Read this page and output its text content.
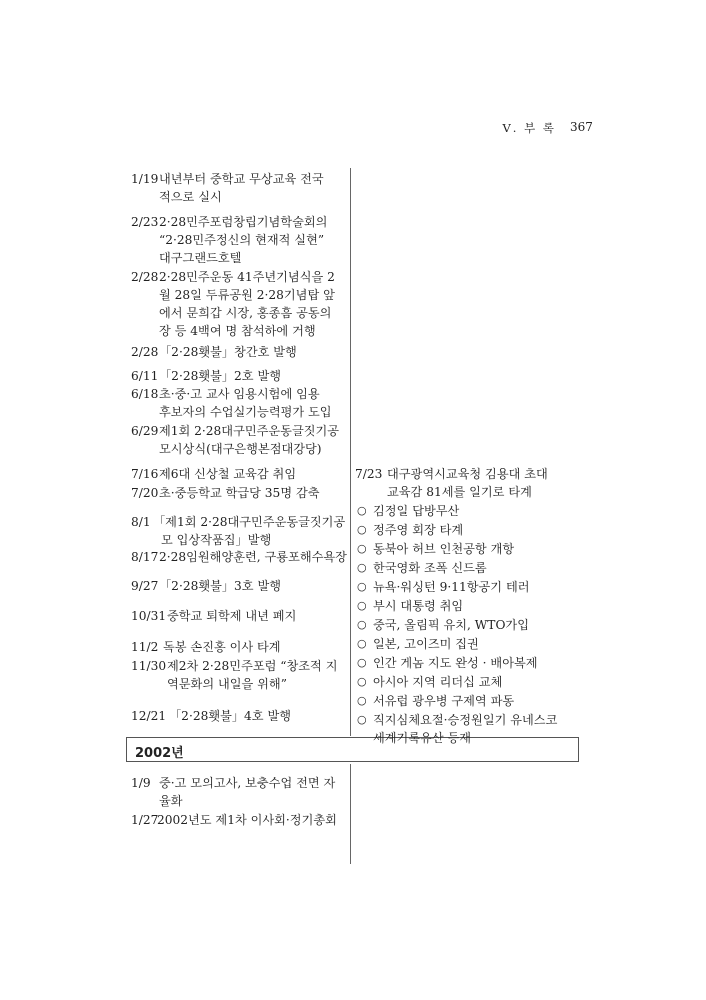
Ⅴ. 부 록 367
2002년
1/19 내년부터 중학교 무상교육 전국
적으로 실시
2/23 2·28민주포럼창립기념학술회의
“2·28민주정신의 현재적 실현”
대구그랜드호텔
2/28 2·28민주운동 41주년기념식을 2
월 28일 두류공원 2·28기념탑 앞
에서 문희갑 시장, 홍종흠 공동의
장 등 4백여 명 참석하에 거행
2/28 「2·28횃불」창간호 발행
6/11 「2·28횃불」2호 발행
6/18 초·중·고 교사 임용시험에 임용
후보자의 수업실기능력평가 도입
6/29 제1회 2·28대구민주운동글짓기공
모시상식(대구은행본점대강당)
7/16 제6대 신상철 교육감 취임
7/20 초·중등학교 학급당 35명 감축
8/1 「제1회 2·28대구민주운동글짓기공
모 입상작품집」발행
8/17 2·28임원해양훈련, 구룡포해수욕장
9/27 「2·28횃불」3호 발행
10/31 중학교 퇴학제 내년 폐지
11/2 독봉 손진홍 이사 타계
11/30 제2차 2·28민주포럼 “창조적 지
역문화의 내일을 위해”
12/21 「2·28횃불」4호 발행
7/23 대구광역시교육청 김용대 초대
교육감 81세를 일기로 타계
○ 김정일 답방무산
○ 정주영 회장 타계
○ 동북아 허브 인천공항 개항
○ 한국영화 조폭 신드롬
○ 뉴욕·워싱턴 9·11항공기 테러
○ 부시 대통령 취임
○ 중국, 올림픽 유치, WTO가입
○ 일본, 고이즈미 집권
○ 인간 게놈 지도 완성 · 배아복제
○ 아시아 지역 리더십 교체
○ 서유럽 광우병 구제역 파동
○ 직지심체요절·승정원일기 유네스코
세계기록유산 등재
1/9 중·고 모의고사, 보충수업 전면 자
율화
1/27
2002년도 제1차 이사회·정기총회
